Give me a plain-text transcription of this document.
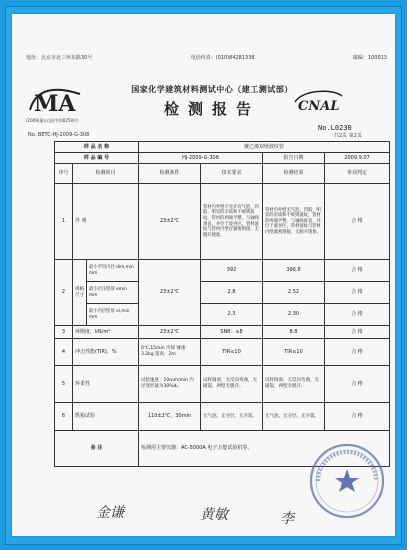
地址：北京市北三环东路30号	电话传真：(010)84281338	邮编：100013
MA
(2009)量认(国)字(U0259)号
国家化学建筑材料测试中心（建工测试部）
检测报告	CNAL
No.L0230
No. BETC-HJ-2009-G-308	共2页 第2页
样 品 名 称			聚乙烯双壁波纹管			
样 品 编 号			HJ-2009-G-308		报告日期	2009.9.07
序号	检测项目		检测条件	技术要求	检测结果	单项判定
1	外 观		23±2℃	管材内外壁不允许有气泡、凹陷、明显的杂质和不规则波纹，管材的两端平整，与轴线垂直，并位于波谷区。管材波纹与管材内壁应紧密熔接，无脱开现象。	管材内外壁无气泡、凹陷、明显的杂质和不规则波纹，管材的两端平整，与轴线垂直，并位于波谷区。管材波纹与管材内壁紧密熔接，无脱开现象。	合 格
2	规格尺寸	最小平均内径 dim,min mm	23±2℃	392	396.8	合 格
		最小层压壁厚 emin mm		2.8	2.52	合 格
		最小内层壁厚 ei,min mm		2.3	2.30	合 格
3	环刚度，kN/m²		23±2℃	SN8：≥8	8.8	合 格
4	冲击性能(TIR)，%		0℃,15min 冷却 锤重：3.2kg 落高：2m	TIR≤10	TIR≤10	合 格
5	环柔性		试验速度：10mm/min 内径变形量为30%dₑ	试样圆滑，无反向弯曲，无破裂，两壁无脱开。	试样圆滑，无反向弯曲，无破裂，两壁无脱开。	合 格
6	烘箱试验		110±2℃，30min	无气泡、无分层、无开裂。	无气泡、无分层、无开裂。	合 格
备 注			检测用主要仪器：AC-5000A 电子万能试验机等。			
金谦	黄敏	李
